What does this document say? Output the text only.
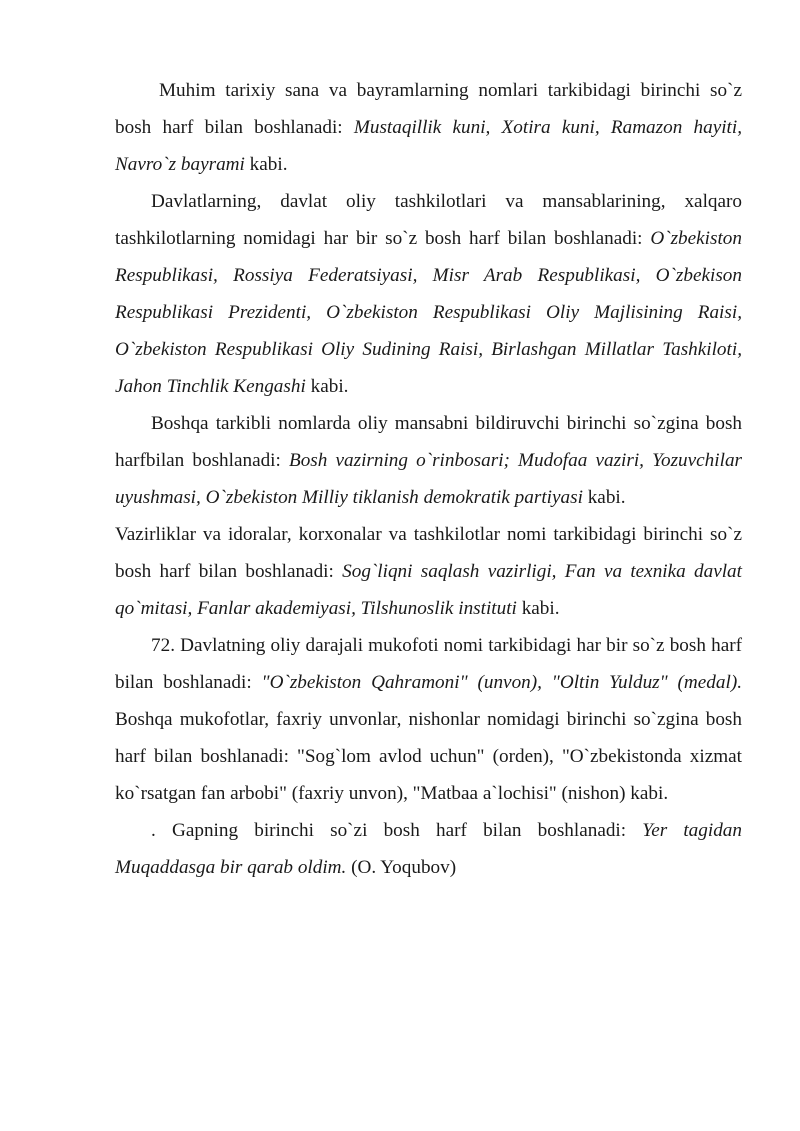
Muhim tarixiy sana va bayramlarning nomlari tarkibidagi birinchi so`z bosh harf bilan boshlanadi: Mustaqillik kuni, Xotira kuni, Ramazon hayiti, Navro`z bayrami kabi.

Davlatlarning, davlat oliy tashkilotlari va mansablarining, xalqaro tashkilotlarning nomidagi har bir so`z bosh harf bilan boshlanadi: O`zbekiston Respublikasi, Rossiya Federatsiyasi, Misr Arab Respublikasi, O`zbekison Respublikasi Prezidenti, O`zbekiston Respublikasi Oliy Majlisining Raisi, O`zbekiston Respublikasi Oliy Sudining Raisi, Birlashgan Millatlar Tashkiloti, Jahon Tinchlik Kengashi kabi.

Boshqa tarkibli nomlarda oliy mansabni bildiruvchi birinchi so`zgina bosh harfbilan boshlanadi: Bosh vazirning o`rinbosari; Mudofaa vaziri, Yozuvchilar uyushmasi, O`zbekiston Milliy tiklanish demokratik partiyasi kabi.

Vazirliklar va idoralar, korxonalar va tashkilotlar nomi tarkibidagi birinchi so`z bosh harf bilan boshlanadi: Sog`liqni saqlash vazirligi, Fan va texnika davlat qo`mitasi, Fanlar akademiyasi, Tilshunoslik instituti kabi.

72. Davlatning oliy darajali mukofoti nomi tarkibidagi har bir so`z bosh harf bilan boshlanadi: "O`zbekiston Qahramoni" (unvon), "Oltin Yulduz" (medal). Boshqa mukofotlar, faxriy unvonlar, nishonlar nomidagi birinchi so`zgina bosh harf bilan boshlanadi: "Sog`lom avlod uchun" (orden), "O`zbekistonda xizmat ko`rsatgan fan arbobi" (faxriy unvon), "Matbaa a`lochisi" (nishon) kabi.

. Gapning birinchi so`zi bosh harf bilan boshlanadi: Yer tagidan Muqaddasga bir qarab oldim. (O. Yoqubov)
